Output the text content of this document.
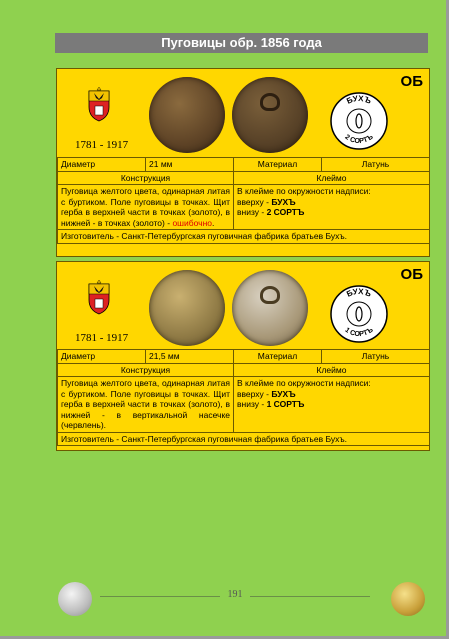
Пуговицы обр. 1856 года
1781 - 1917
БУХЪ
2 СОРТЪ
ОБ
Диаметр	21 мм	Материал	Латунь
Конструкция		Клеймо	
Пуговица желтого цвета, одинарная литая с буртиком. Поле пуговицы в точках. Щит герба в верхней части в точках (золото), в нижней - в точках (золото) - ошибочно.		В клейме по окружности надписи:
вверху - БУХЪ
внизу - 2 СОРТЪ	

Изготовитель - Санкт-Петербургская пуговичная фабрика братьев Бухъ.			
1781 - 1917
БУХЪ
1 СОРТЪ
ОБ
Диаметр	21,5 мм	Материал	Латунь
Конструкция		Клеймо	
Пуговица желтого цвета, одинарная литая с буртиком. Поле пуговицы в точках. Щит герба в верхней части в точках (золото), в нижней - в вертикальной насечке (червлень).		В клейме по окружности надписи:
вверху - БУХЪ
внизу - 1 СОРТЪ	

Изготовитель - Санкт-Петербургская пуговичная фабрика братьев Бухъ.			
191
